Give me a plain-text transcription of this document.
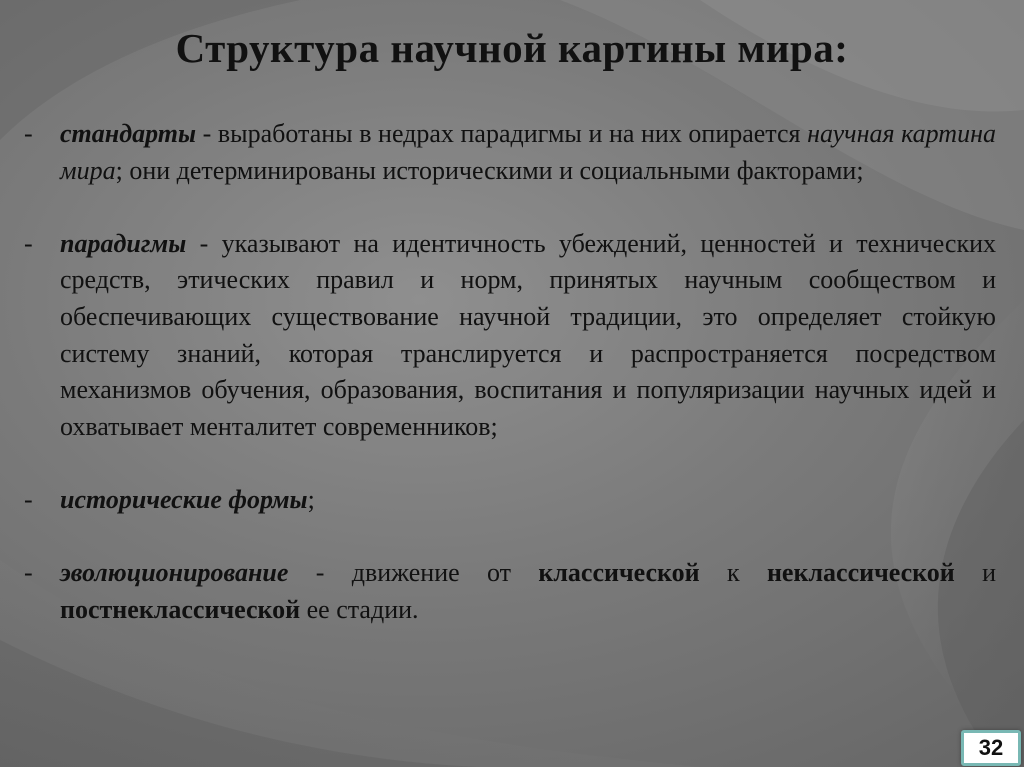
Структура научной картины мира:
- стандарты - выработаны в недрах парадигмы и на них опирается научная картина мира; они детерминированы историческими и социальными факторами;
- парадигмы - указывают на идентичность убеждений, ценностей и технических средств, этических правил и норм, принятых научным сообществом и обеспечивающих существование научной традиции, это определяет стойкую систему знаний, которая транслируется и распространяется посредством механизмов обучения, образования, воспитания и популяризации научных идей и охватывает менталитет современников;
- исторические формы;
- эволюционирование - движение от классической к неклассической и постнеклассической ее стадии.
32
